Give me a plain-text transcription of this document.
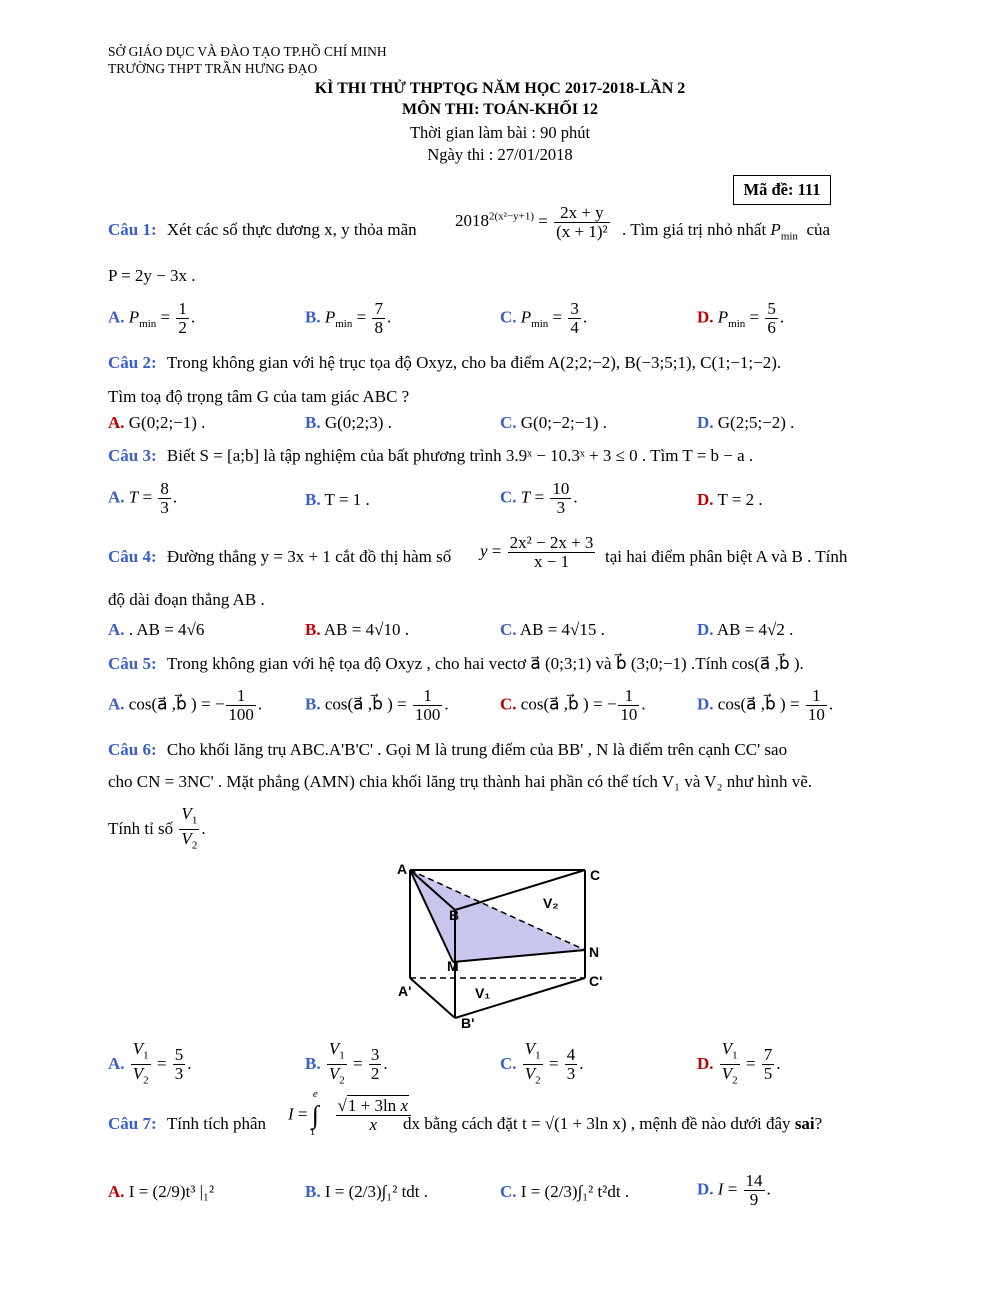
SỞ GIÁO DỤC VÀ ĐÀO TẠO TP.HỒ CHÍ MINH
TRƯỜNG THPT TRẦN HƯNG ĐẠO
KÌ THI THỬ THPTQG NĂM HỌC 2017-2018-LẦN 2
MÔN THI: TOÁN-KHỐI 12
Thời gian làm bài : 90 phút
Ngày thi : 27/01/2018
Mã đề: 111
Câu 1: Xét các số thực dương x, y thỏa mãn $2018^{2(x^2-y+1)} = \frac{2x + y}{\text{(x + 1)²}}$ . Tìm giá trị nhỏ nhất $P_{min}$ của
P = 2y − 3x .
A. $P_{min} = \frac{1}{2}$ .	B. $P_{min} = \frac{7}{8}$ .	C. $P_{min} = \frac{3}{4}$ .	D. $P_{min} = \frac{5}{6}$ .
Câu 2: Trong không gian với hệ trục tọa độ Oxyz, cho ba điểm A(2;2;−2), B(−3;5;1), C(1;−1;−2).
Tìm toạ độ trọng tâm G của tam giác ABC ?
A. G(0;2;−1) .	B. G(0;2;3) .	C. G(0;−2;−1) .	D. G(2;5;−2) .
Câu 3: Biết S = [a;b] là tập nghiệm của bất phương trình 3.9ˣ − 10.3ˣ + 3 ≤ 0 . Tìm T = b − a .
A. $T = \frac{8}{3}$ .	B. T = 1 .	C. $T = \frac{10}{3}$ .	D. T = 2 .
Câu 4: Đường thẳng y = 3x + 1 cắt đồ thị hàm số $y = \frac{\text{2x² − 2x + 3}}{x - 1}$ tại hai điểm phân biệt A và B . Tính
độ dài đoạn thẳng AB .
A. . AB = 4√6	B. AB = 4√10 .	C. AB = 4√15 .	D. AB = 4√2 .
Câu 5: Trong không gian với hệ tọa độ Oxyz , cho hai vectơ a⃗ (0;3;1) và b⃗ (3;0;−1) .Tính cos(a⃗ ,b⃗ ).
A. cos(a⃗ ,b⃗ ) = − $\frac{1}{100}$ .	B. cos(a⃗ ,b⃗ ) = $\frac{1}{100}$ .	C. cos(a⃗ ,b⃗ ) = − $\frac{1}{10}$ .	D. cos(a⃗ ,b⃗ ) = $\frac{1}{10}$ .
Câu 6: Cho khối lăng trụ ABC.A'B'C' . Gọi M là trung điểm của BB' , N là điểm trên cạnh CC' sao
cho CN = 3NC' . Mặt phẳng (AMN) chia khối lăng trụ thành hai phần có thể tích V₁ và V₂ như hình vẽ.
Tính tỉ số $\frac{V_1}{V_2}$ .
A	C
B
V₂
N
M
C'
A'	V₁
B'
A. $\frac{V_1}{V_2} = \frac{5}{3}$ .	B. $\frac{V_1}{V_2} = \frac{3}{2}$ .	C. $\frac{V_1}{V_2} = \frac{4}{3}$ .	D. $\frac{V_1}{V_2} = \frac{7}{5}$ .
Câu 7: Tính tích phân
$I = \int^e_1 \frac{\text{√1 + 3ln x}}{x}$
dx bằng cách đặt t = √(1 + 3ln x) , mệnh đề nào dưới đây sai?
A. I = (2/9)t³ |₁²	B. I = (2/3)∫₁² tdt .	C. I = (2/3)∫₁² t²dt .	D. $I = \frac{14}{9}$ .
